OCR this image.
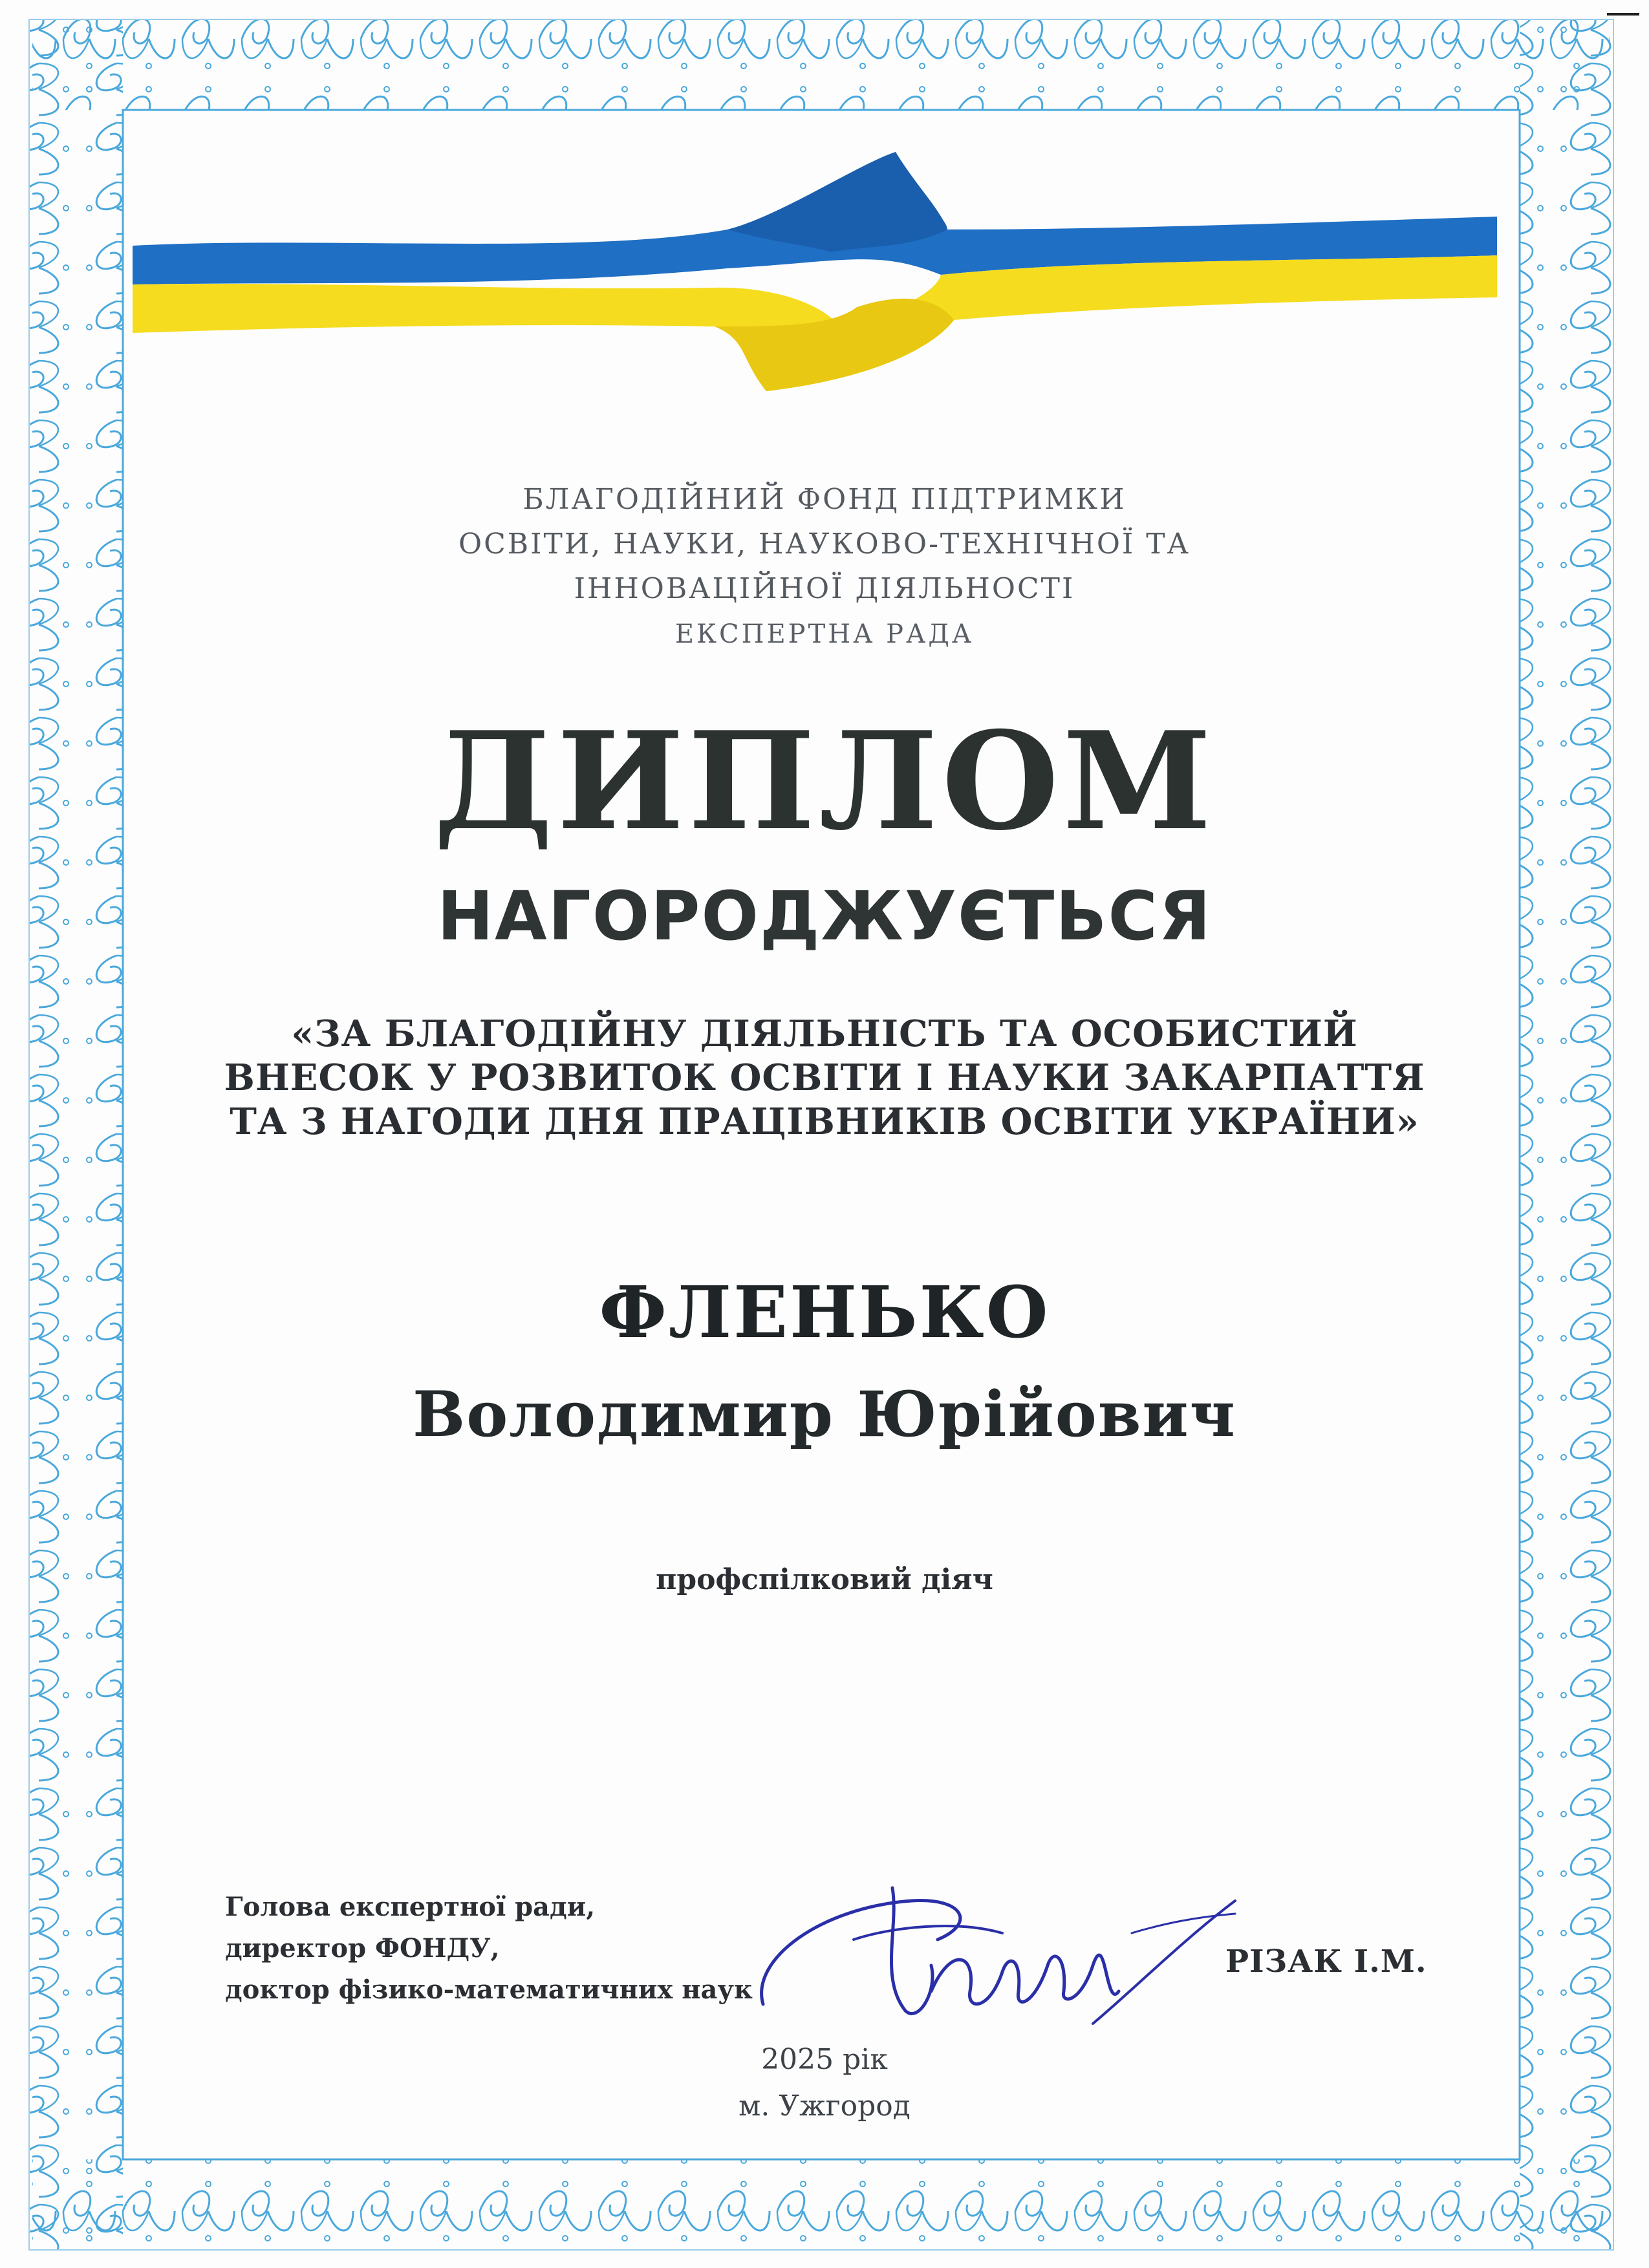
БЛАГОДІЙНИЙ ФОНД ПІДТРИМКИ
ОСВІТИ, НАУКИ, НАУКОВО-ТЕХНІЧНОЇ ТА
ІННОВАЦІЙНОЇ ДІЯЛЬНОСТІ
ЕКСПЕРТНА РАДА
ДИПЛОМ
НАГОРОДЖУЄТЬСЯ
«ЗА БЛАГОДІЙНУ ДІЯЛЬНІСТЬ ТА ОСОБИСТИЙ
ВНЕСОК У РОЗВИТОК ОСВІТИ І НАУКИ ЗАКАРПАТТЯ
ТА З НАГОДИ ДНЯ ПРАЦІВНИКІВ ОСВІТИ УКРАЇНИ»
ФЛЕНЬКО
Володимир Юрійович
профспілковий діяч
Голова експертної ради,
директор ФОНДУ,
доктор фізико-математичних наук
РІЗАК І.М.
2025 рік
м. Ужгород
